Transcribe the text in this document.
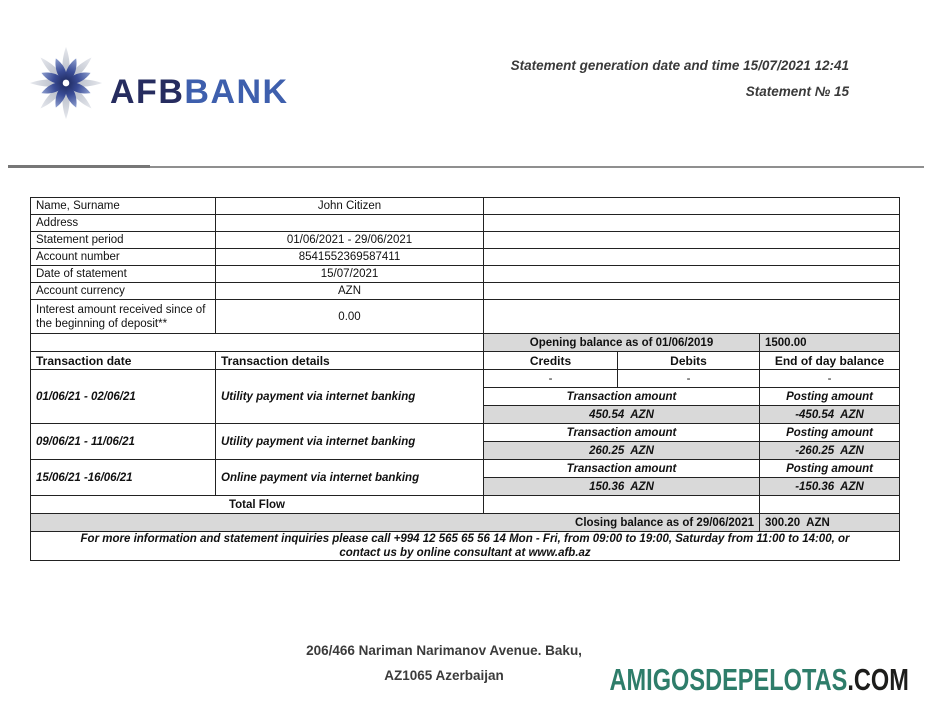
AFBBANK
Statement generation date and time 15/07/2021 12:41
Statement № 15
Name, Surname	John Citizen			
Address				
Statement period	01/06/2021 - 29/06/2021			
Account number	8541552369587411			
Date of statement	15/07/2021			
Account currency	AZN			
Interest amount received since of the beginning of deposit**	0.00			
		Opening balance as of 01/06/2019		1500.00
Transaction date	Transaction details	Credits	Debits	End of day balance
01/06/21 - 02/06/21	Utility payment via internet banking	-	-	-
		Transaction amount		Posting amount
		450.54  AZN		-450.54  AZN
09/06/21 - 11/06/21	Utility payment via internet banking	Transaction amount		Posting amount
		260.25  AZN		-260.25  AZN
15/06/21 -16/06/21	Online payment via internet banking	Transaction amount		Posting amount
		150.36  AZN		-150.36  AZN
Total Flow				
Closing balance as of 29/06/2021				300.20  AZN

For more information and statement inquiries please call +994 12 565 65 56 14 Mon - Fri, from 09:00 to 19:00, Saturday from 11:00 to 14:00, or
contact us by online consultant at www.afb.az				
206/466 Nariman Narimanov Avenue. Baku,
AZ1065 Azerbaijan	AMIGOSDEPELOTAS.COM
